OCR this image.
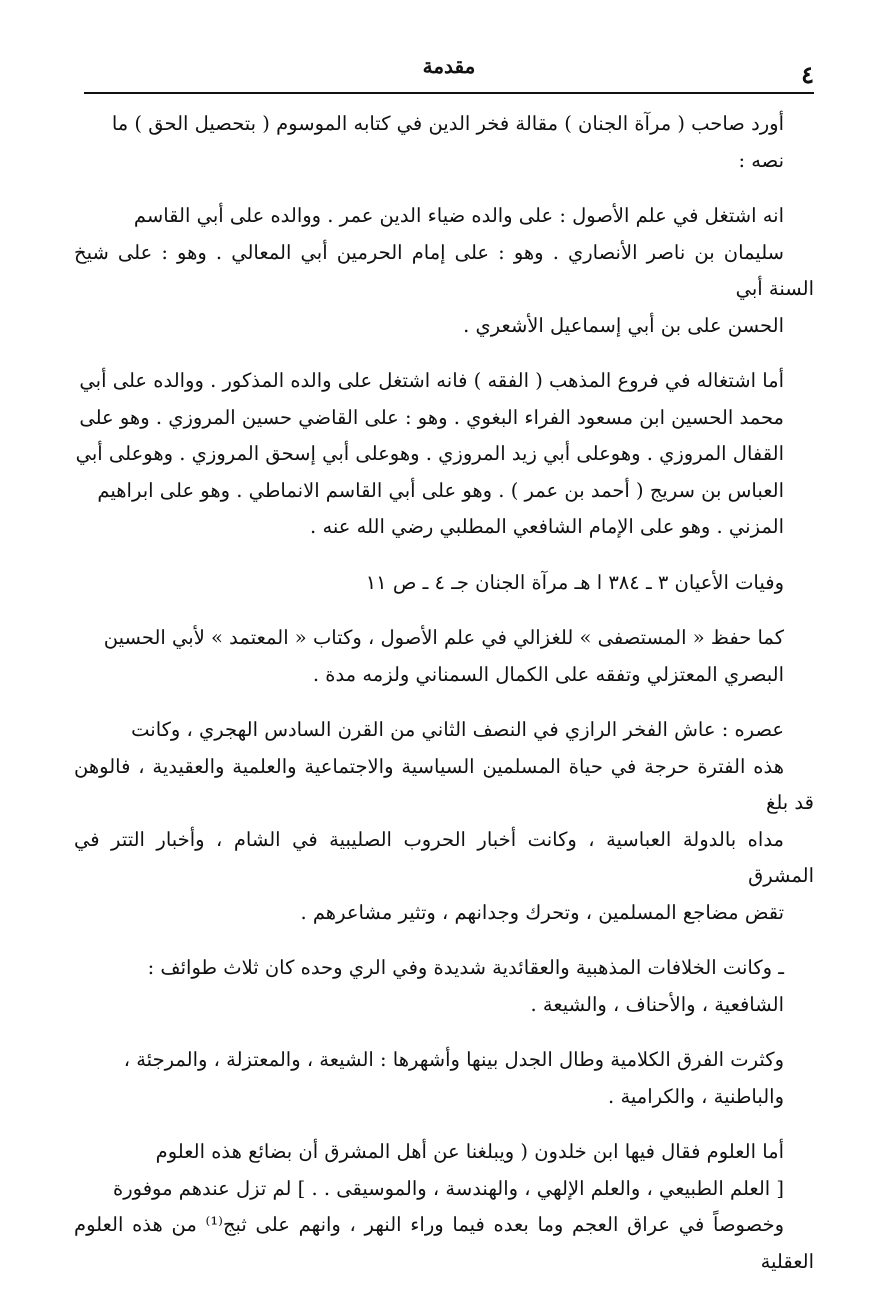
مقدمة	٤

أورد صاحب ( مرآة الجنان ) مقالة فخر الدين في كتابه الموسوم ( بتحصيل الحق ) ما
نصه :

انه اشتغل في علم الأصول : على والده ضياء الدين عمر . ووالده على أبي القاسم
سليمان بن ناصر الأنصاري . وهو : على إمام الحرمين أبي المعالي . وهو : على شيخ السنة أبي
الحسن على بن أبي إسماعيل الأشعري .

أما اشتغاله في فروع المذهب ( الفقه ) فانه اشتغل على والده المذكور . ووالده على أبي
محمد الحسين ابن مسعود الفراء البغوي . وهو : على القاضي حسين المروزي . وهو على
القفال المروزي . وهوعلى أبي زيد المروزي . وهوعلى أبي إسحق المروزي . وهوعلى أبي
العباس بن سريج ( أحمد بن عمر ) . وهو على أبي القاسم الانماطي . وهو على ابراهيم
المزني . وهو على الإمام الشافعي المطلبي رضي الله عنه .

وفيات الأعيان ٣ ـ ٣٨٤ ا هـ مرآة الجنان جـ ٤ ـ ص ١١

كما حفظ « المستصفى » للغزالي في علم الأصول ، وكتاب « المعتمد » لأبي الحسين
البصري المعتزلي وتفقه على الكمال السمناني ولزمه مدة .

عصره : عاش الفخر الرازي في النصف الثاني من القرن السادس الهجري ، وكانت
هذه الفترة حرجة في حياة المسلمين السياسية والاجتماعية والعلمية والعقيدية ، فالوهن قد بلغ
مداه بالدولة العباسية ، وكانت أخبار الحروب الصليبية في الشام ، وأخبار التتر في المشرق
تقض مضاجع المسلمين ، وتحرك وجدانهم ، وتثير مشاعرهم .

ـ وكانت الخلافات المذهبية والعقائدية شديدة وفي الري وحده كان ثلاث طوائف :
الشافعية ، والأحناف ، والشيعة .

وكثرت الفرق الكلامية وطال الجدل بينها وأشهرها : الشيعة ، والمعتزلة ، والمرجئة ،
والباطنية ، والكرامية .

أما العلوم فقال فيها ابن خلدون ( ويبلغنا عن أهل المشرق أن بضائع هذه العلوم
[ العلم الطبيعي ، والعلم الإلهي ، والهندسة ، والموسيقى . . ] لم تزل عندهم موفورة
وخصوصاً في عراق العجم وما بعده فيما وراء النهر ، وانهم على ثبج⁽¹⁾ من هذه العلوم العقلية
